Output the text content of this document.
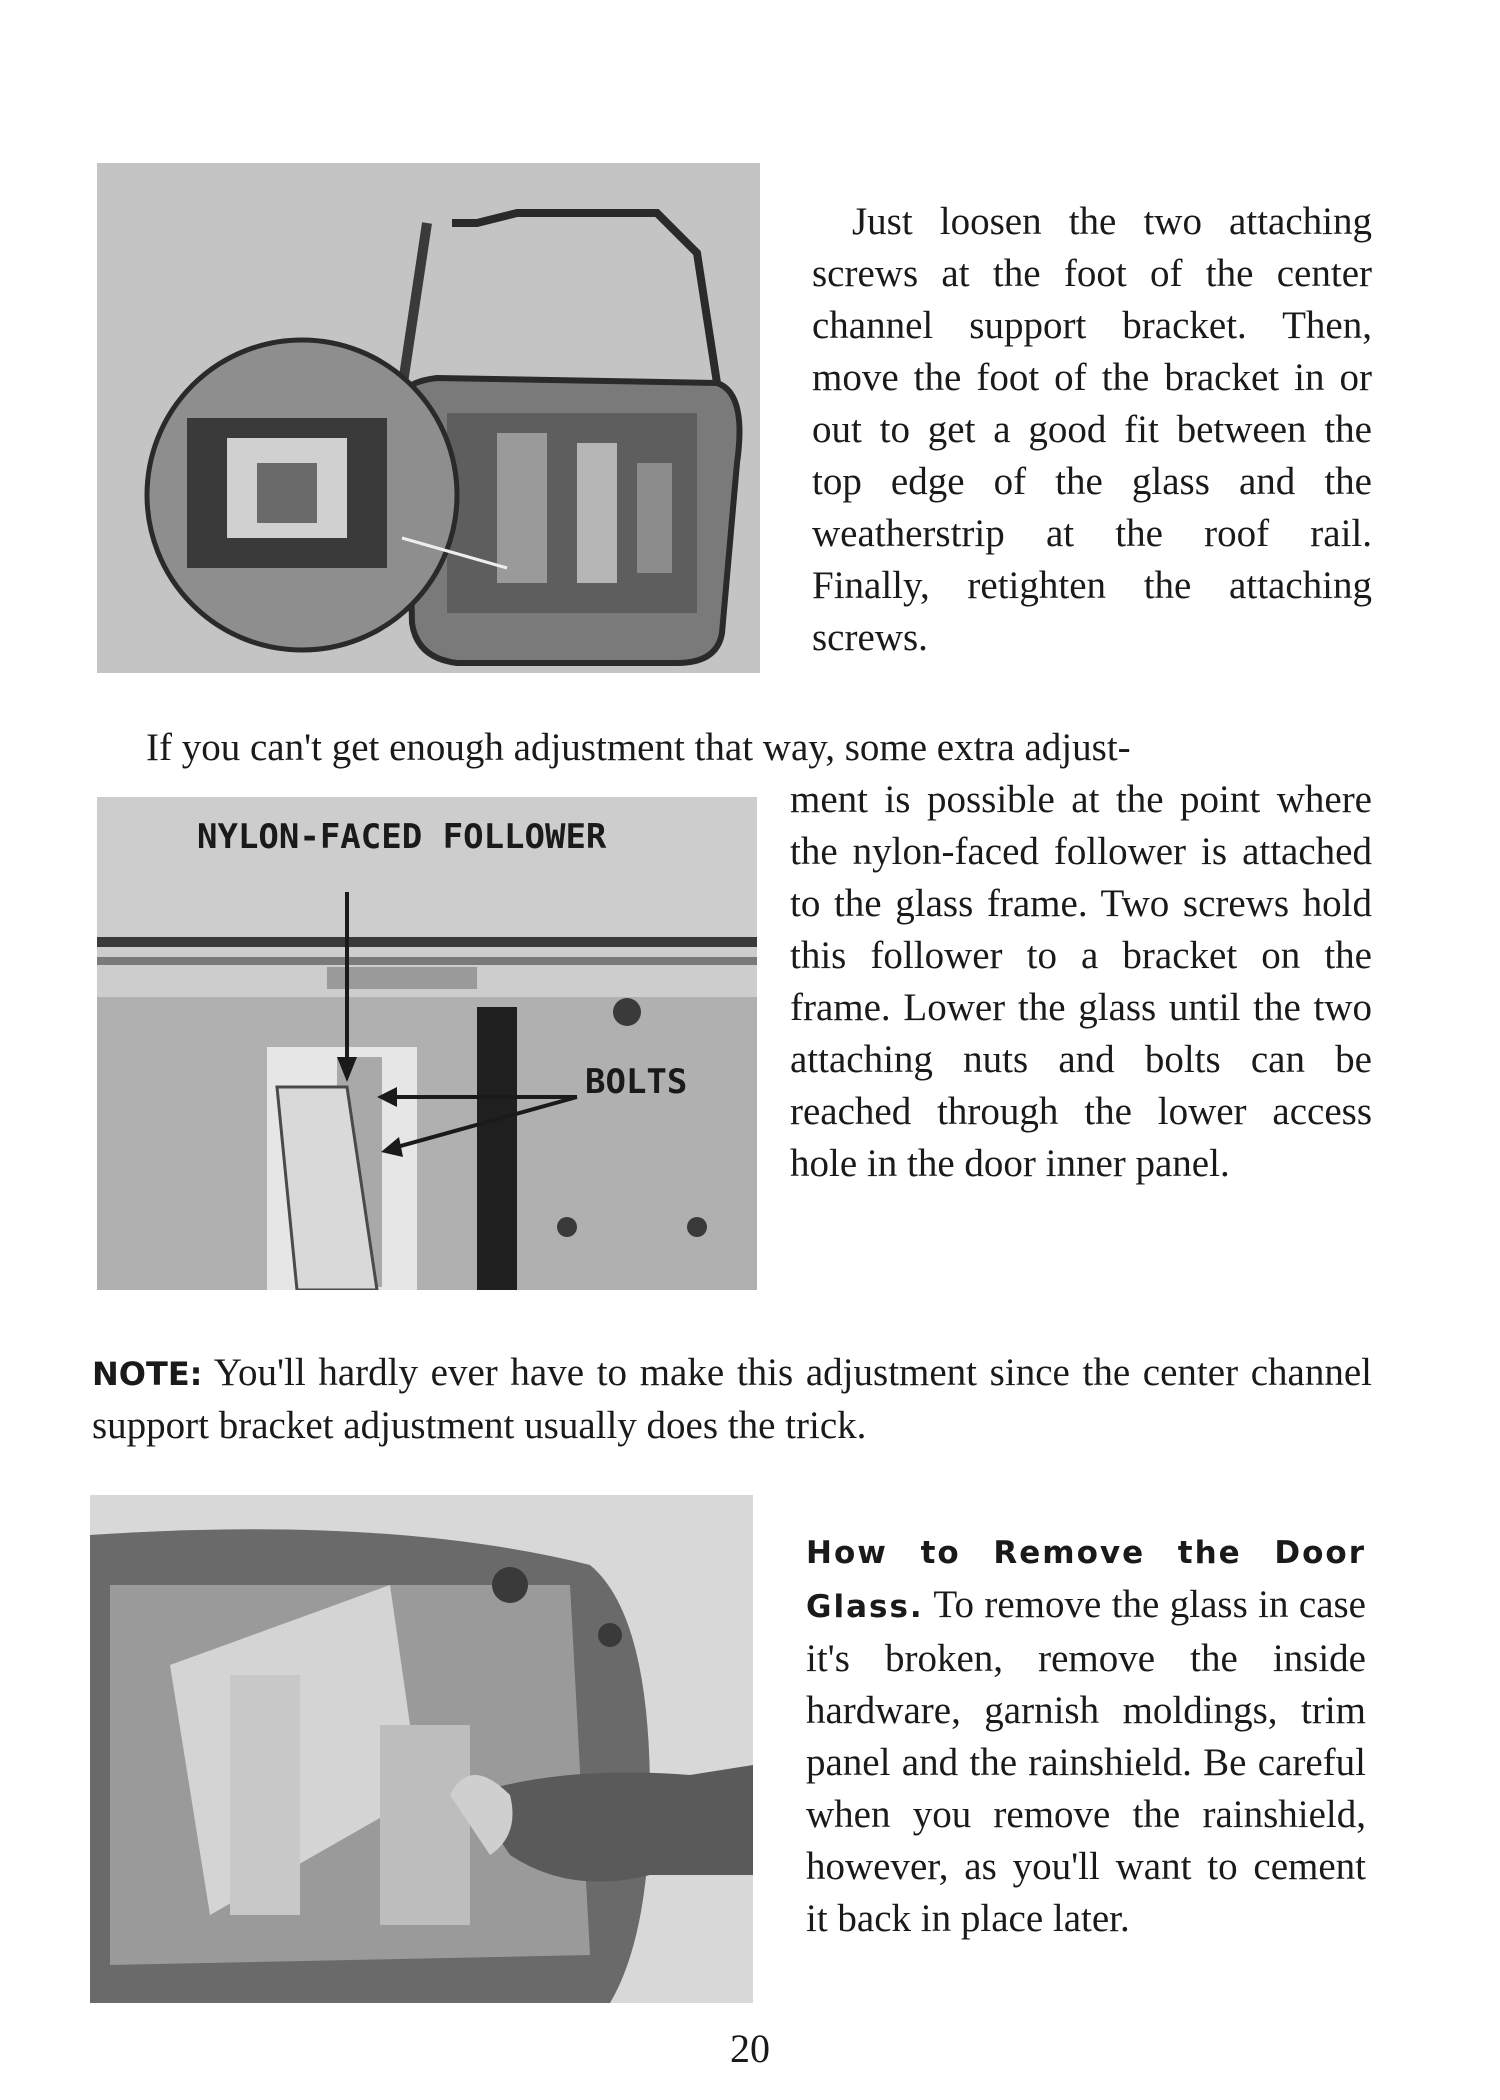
Just loosen the two attaching screws at the foot of the center channel support bracket. Then, move the foot of the bracket in or out to get a good fit between the top edge of the glass and the weatherstrip at the roof rail. Finally, retighten the attaching screws.

If you can't get enough adjustment that way, some extra adjust-

NYLON-FACED FOLLOWER
BOLTS

ment is possible at the point where the nylon-faced follower is attached to the glass frame. Two screws hold this follower to a bracket on the frame. Lower the glass until the two attaching nuts and bolts can be reached through the lower access hole in the door inner panel.

NOTE: You'll hardly ever have to make this adjustment since the center channel support bracket adjustment usually does the trick.

How to Remove the Door Glass. To remove the glass in case it's broken, remove the inside hardware, garnish moldings, trim panel and the rainshield. Be careful when you remove the rainshield, however, as you'll want to cement it back in place later.

20
